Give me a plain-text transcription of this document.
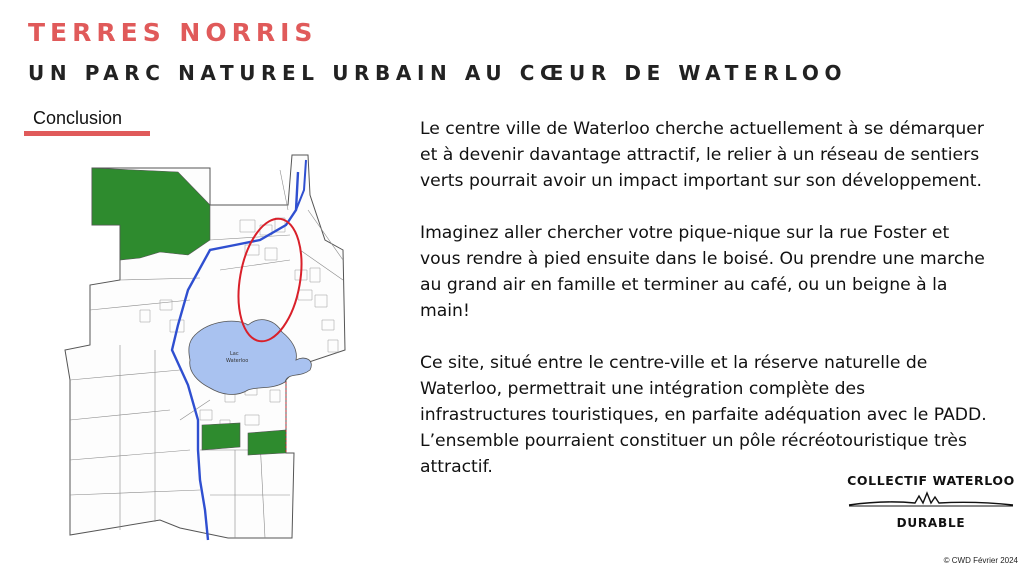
TERRES NORRIS
UN PARC NATUREL URBAIN AU CŒUR DE WATERLOO
Conclusion
Lac
Waterloo

Le centre ville de Waterloo cherche actuellement à se démarquer
et à devenir davantage attractif, le relier à un réseau de sentiers
verts pourrait avoir un impact important sur son développement.

Imaginez aller chercher votre pique-nique sur la rue Foster et
vous rendre à pied ensuite dans le boisé. Ou prendre une marche
au grand air en famille et terminer au café, ou un beigne à la
main!

Ce site, situé entre le centre-ville et la réserve naturelle de
Waterloo, permettrait une intégration complète des
infrastructures touristiques, en parfaite adéquation avec le PADD.
L’ensemble pourraient constituer un pôle récréotouristique très
attractif.

COLLECTIF WATERLOO
DURABLE
© CWD Février 2024
